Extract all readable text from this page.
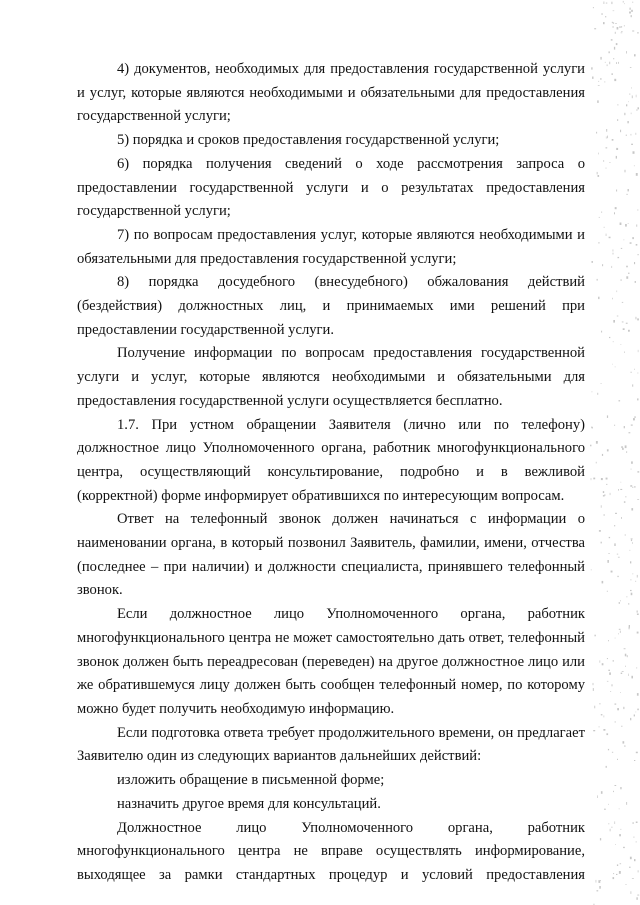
4) документов, необходимых для предоставления государственной услуги и услуг, которые являются необходимыми и обязательными для предоставления государственной услуги;

5) порядка и сроков предоставления государственной услуги;

6) порядка получения сведений о ходе рассмотрения запроса о предоставлении государственной услуги и о результатах предоставления государственной услуги;

7) по вопросам предоставления услуг, которые являются необходимыми и обязательными для предоставления государственной услуги;

8) порядка досудебного (внесудебного) обжалования действий (бездействия) должностных лиц, и принимаемых ими решений при предоставлении государственной услуги.

Получение информации по вопросам предоставления государственной услуги и услуг, которые являются необходимыми и обязательными для предоставления государственной услуги осуществляется бесплатно.

1.7. При устном обращении Заявителя (лично или по телефону) должностное лицо Уполномоченного органа, работник многофункционального центра, осуществляющий консультирование, подробно и в вежливой (корректной) форме информирует обратившихся по интересующим вопросам.

Ответ на телефонный звонок должен начинаться с информации о наименовании органа, в который позвонил Заявитель, фамилии, имени, отчества (последнее – при наличии) и должности специалиста, принявшего телефонный звонок.

Если должностное лицо Уполномоченного органа, работник многофункционального центра не может самостоятельно дать ответ, телефонный звонок должен быть переадресован (переведен) на другое должностное лицо или же обратившемуся лицу должен быть сообщен телефонный номер, по которому можно будет получить необходимую информацию.

Если подготовка ответа требует продолжительного времени, он предлагает Заявителю один из следующих вариантов дальнейших действий:

изложить обращение в письменной форме;

назначить другое время для консультаций.

Должностное лицо Уполномоченного органа, работник многофункционального центра не вправе осуществлять информирование, выходящее за рамки стандартных процедур и условий предоставления
